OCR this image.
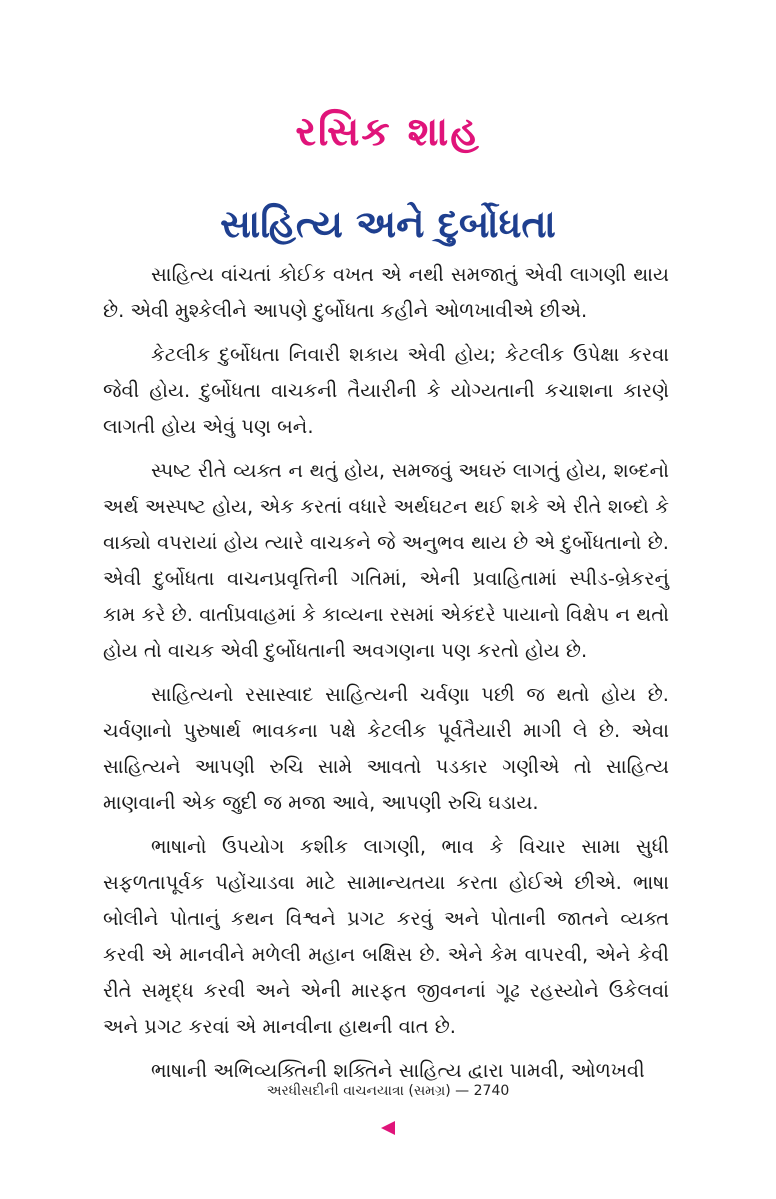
રસિક શાહ
સાહિત્ય અને દુર્બોધતા

સાહિત્ય વાંચતાં કોઈક વખત એ નથી સમજાતું એવી લાગણી થાય છે. એવી મુશ્કેલીને આપણે દુર્બોધતા કહીને ઓળખાવીએ છીએ.

કેટલીક દુર્બોધતા નિવારી શકાય એવી હોય; કેટલીક ઉપેક્ષા કરવા જેવી હોય. દુર્બોધતા વાચકની તૈયારીની કે યોગ્યતાની કચાશના કારણે લાગતી હોય એવું પણ બને.

સ્પષ્ટ રીતે વ્યક્ત ન થતું હોય, સમજવું અઘરું લાગતું હોય, શબ્દનો અર્થ અસ્પષ્ટ હોય, એક કરતાં વધારે અર્થઘટન થઈ શકે એ રીતે શબ્દો કે વાક્યો વપરાયાં હોય ત્યારે વાચકને જે અનુભવ થાય છે એ દુર્બોધતાનો છે. એવી દુર્બોધતા વાચનપ્રવૃત્તિની ગતિમાં, એની પ્રવાહિતામાં સ્પીડ-બ્રેકરનું કામ કરે છે. વાર્તાપ્રવાહમાં કે કાવ્યના રસમાં એકંદરે પાયાનો વિક્ષેપ ન થતો હોય તો વાચક એવી દુર્બોધતાની અવગણના પણ કરતો હોય છે.

સાહિત્યનો રસાસ્વાદ સાહિત્યની ચર્વણા પછી જ થતો હોય છે. ચર્વણાનો પુરુષાર્થ ભાવકના પક્ષે કેટલીક પૂર્વતૈયારી માગી લે છે. એવા સાહિત્યને આપણી રુચિ સામે આવતો પડકાર ગણીએ તો સાહિત્ય માણવાની એક જુદી જ મજા આવે, આપણી રુચિ ઘડાય.

ભાષાનો ઉપયોગ કશીક લાગણી, ભાવ કે વિચાર સામા સુધી સફળતાપૂર્વક પહોંચાડવા માટે સામાન્યતયા કરતા હોઈએ છીએ. ભાષા બોલીને પોતાનું કથન વિશ્વને પ્રગટ કરવું અને પોતાની જાતને વ્યક્ત કરવી એ માનવીને મળેલી મહાન બક્ષિસ છે. એને કેમ વાપરવી, એને કેવી રીતે સમૃદ્ધ કરવી અને એની મારફત જીવનનાં ગૂઢ રહસ્યોને ઉકેલવાં અને પ્રગટ કરવાં એ માનવીના હાથની વાત છે.

ભાષાની અભિવ્યક્તિની શક્તિને સાહિત્ય દ્વારા પામવી, ઓળખવી

અરધીસદીની વાચનયાત્રા (સમગ્ર) — 2740
